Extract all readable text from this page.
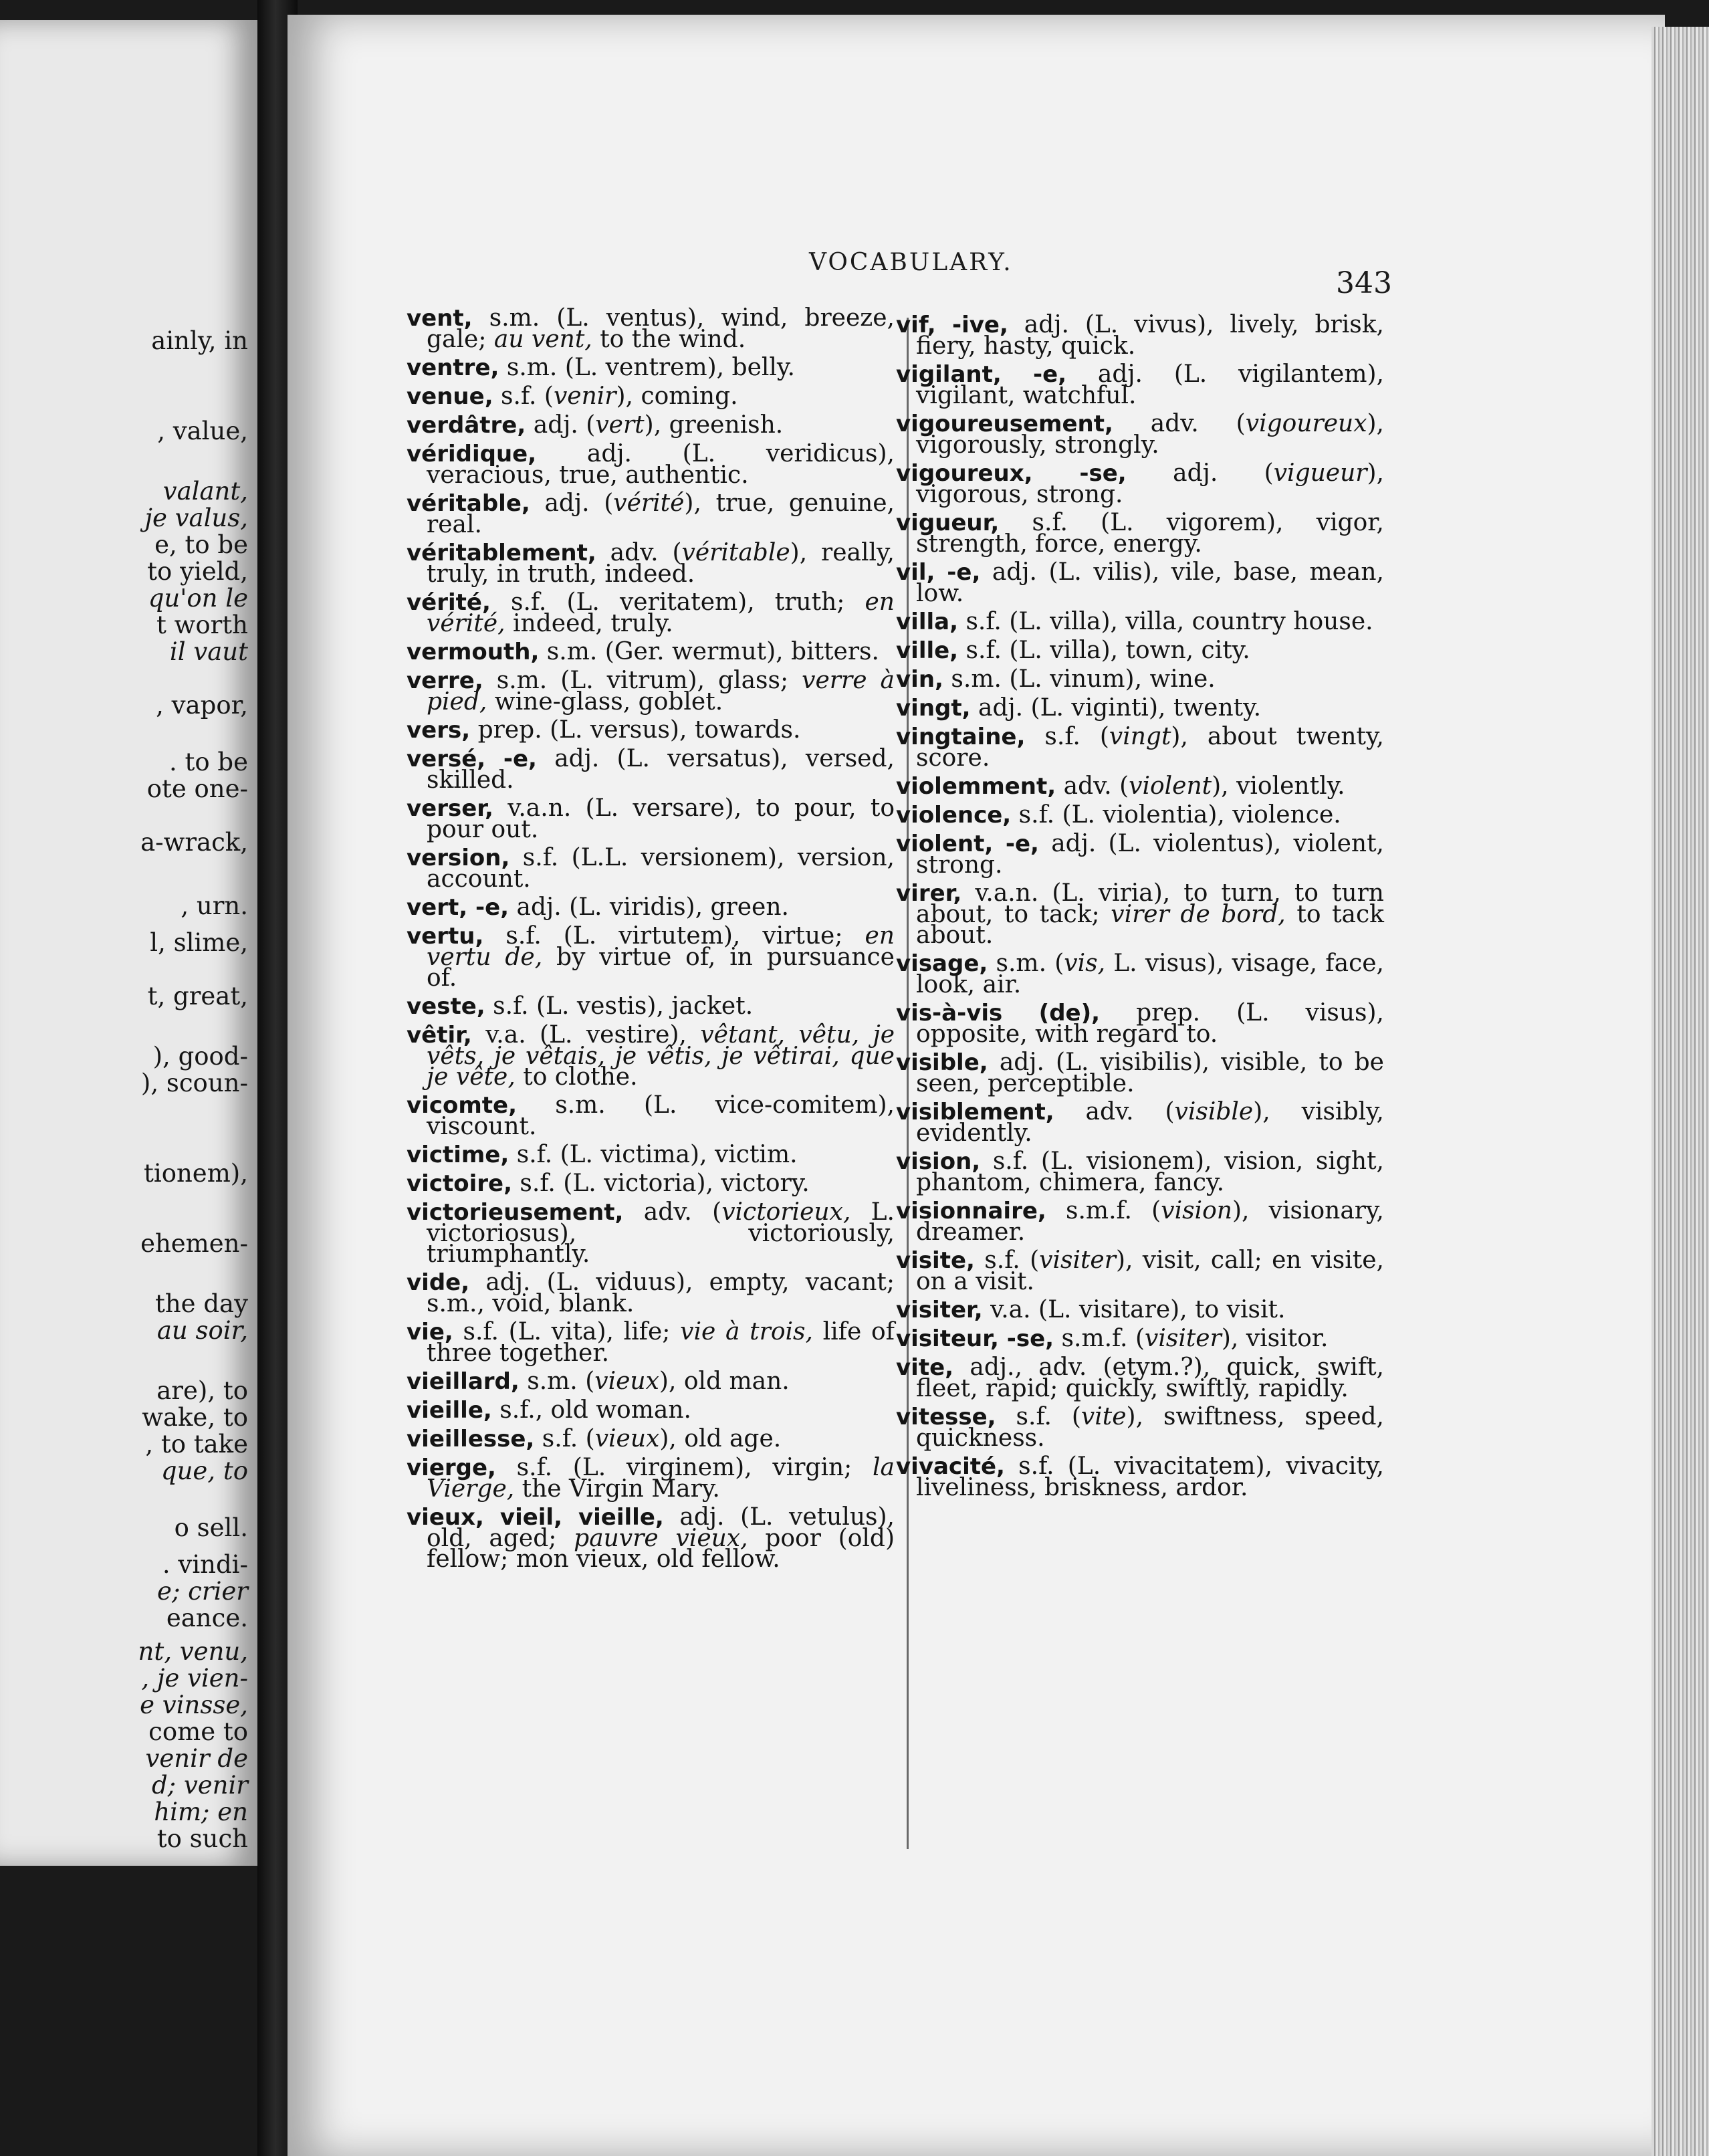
ainly, in
, value,
valant,
je valus,
e, to be
to yield,
qu'on le
t worth
il vaut
, vapor,
. to be
ote one-
a-wrack,
, urn.
l, slime,
t, great,
), good-
), scoun-
tionem),
ehemen-
the day
au soir,
are), to
wake, to
, to take
que, to
o sell.
. vindi-
e; crier
eance.
nt, venu,
, je vien-
e vinsse,
come to
venir de
d; venir
him; en
to such
VOCABULARY.
343
vent, s.m. (L. ventus), wind, breeze, gale; au vent, to the wind.
ventre, s.m. (L. ventrem), belly.
venue, s.f. (venir), coming.
verdâtre, adj. (vert), greenish.
véridique, adj. (L. veridicus), veracious, true, authentic.
véritable, adj. (vérité), true, genuine, real.
véritablement, adv. (véritable), really, truly, in truth, indeed.
vérité, s.f. (L. veritatem), truth; en vérité, indeed, truly.
vermouth, s.m. (Ger. wermut), bitters.
verre, s.m. (L. vitrum), glass; verre à pied, wine-glass, goblet.
vers, prep. (L. versus), towards.
versé, -e, adj. (L. versatus), versed, skilled.
verser, v.a.n. (L. versare), to pour, to pour out.
version, s.f. (L.L. versionem), version, account.
vert, -e, adj. (L. viridis), green.
vertu, s.f. (L. virtutem), virtue; en vertu de, by virtue of, in pursuance of.
veste, s.f. (L. vestis), jacket.
vêtir, v.a. (L. vestire), vêtant, vêtu, je vêts, je vêtais, je vêtis, je vêtirai, que je vête, to clothe.
vicomte, s.m. (L. vice-comitem), viscount.
victime, s.f. (L. victima), victim.
victoire, s.f. (L. victoria), victory.
victorieusement, adv. (victorieux, L. victoriosus), victoriously, triumphantly.
vide, adj. (L. viduus), empty, vacant; s.m., void, blank.
vie, s.f. (L. vita), life; vie à trois, life of three together.
vieillard, s.m. (vieux), old man.
vieille, s.f., old woman.
vieillesse, s.f. (vieux), old age.
vierge, s.f. (L. virginem), virgin; la Vierge, the Virgin Mary.
vieux, vieil, vieille, adj. (L. vetulus), old, aged; pauvre vieux, poor (old) fellow; mon vieux, old fellow.
vif, -ive, adj. (L. vivus), lively, brisk, fiery, hasty, quick.
vigilant, -e, adj. (L. vigilantem), vigilant, watchful.
vigoureusement, adv. (vigoureux), vigorously, strongly.
vigoureux, -se, adj. (vigueur), vigorous, strong.
vigueur, s.f. (L. vigorem), vigor, strength, force, energy.
vil, -e, adj. (L. vilis), vile, base, mean, low.
villa, s.f. (L. villa), villa, country house.
ville, s.f. (L. villa), town, city.
vin, s.m. (L. vinum), wine.
vingt, adj. (L. viginti), twenty.
vingtaine, s.f. (vingt), about twenty, score.
violemment, adv. (violent), violently.
violence, s.f. (L. violentia), violence.
violent, -e, adj. (L. violentus), violent, strong.
virer, v.a.n. (L. viria), to turn, to turn about, to tack; virer de bord, to tack about.
visage, s.m. (vis, L. visus), visage, face, look, air.
vis-à-vis (de), prep. (L. visus), opposite, with regard to.
visible, adj. (L. visibilis), visible, to be seen, perceptible.
visiblement, adv. (visible), visibly, evidently.
vision, s.f. (L. visionem), vision, sight, phantom, chimera, fancy.
visionnaire, s.m.f. (vision), visionary, dreamer.
visite, s.f. (visiter), visit, call; en visite, on a visit.
visiter, v.a. (L. visitare), to visit.
visiteur, -se, s.m.f. (visiter), visitor.
vite, adj., adv. (etym.?), quick, swift, fleet, rapid; quickly, swiftly, rapidly.
vitesse, s.f. (vite), swiftness, speed, quickness.
vivacité, s.f. (L. vivacitatem), vivacity, liveliness, briskness, ardor.
